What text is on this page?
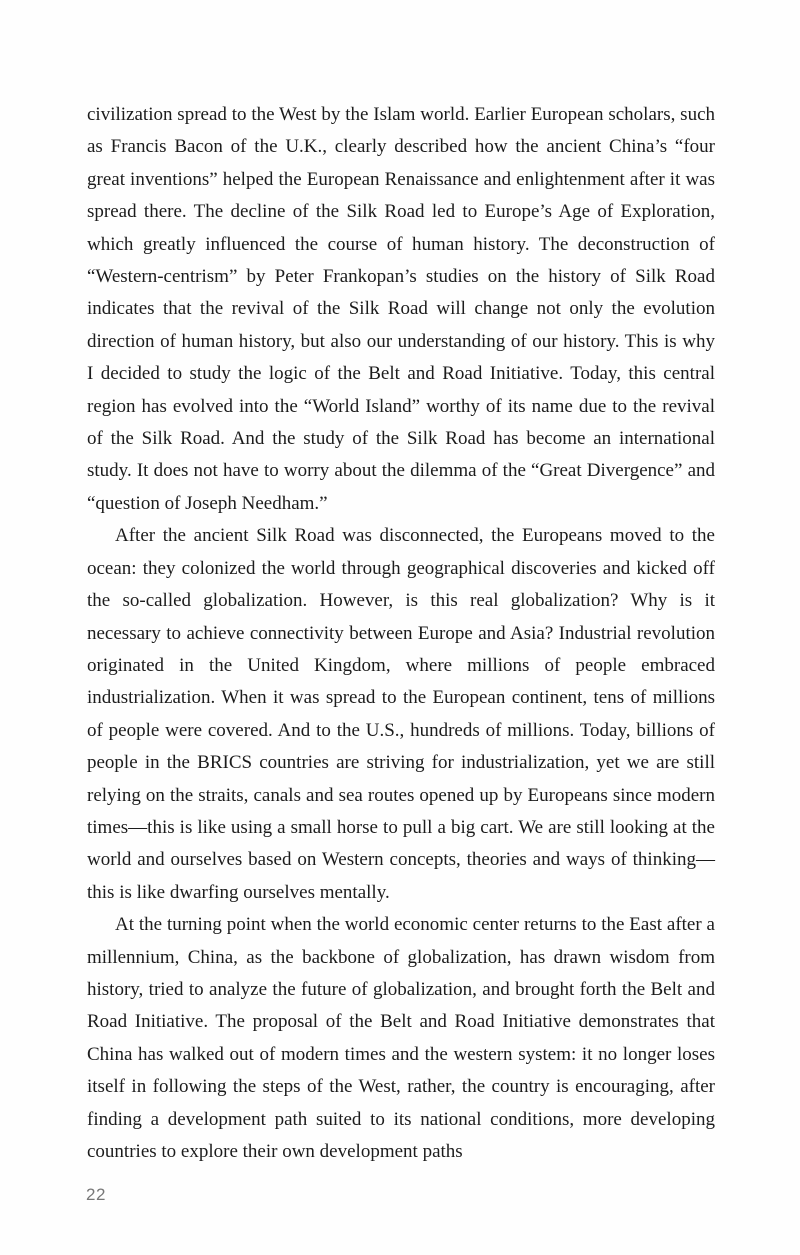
civilization spread to the West by the Islam world. Earlier European scholars, such as Francis Bacon of the U.K., clearly described how the ancient China’s “four great inventions” helped the European Renaissance and enlightenment after it was spread there. The decline of the Silk Road led to Europe’s Age of Exploration, which greatly influenced the course of human history. The deconstruction of “Western-centrism” by Peter Frankopan’s studies on the history of Silk Road indicates that the revival of the Silk Road will change not only the evolution direction of human history, but also our understanding of our history. This is why I decided to study the logic of the Belt and Road Initiative. Today, this central region has evolved into the “World Island” worthy of its name due to the revival of the Silk Road. And the study of the Silk Road has become an international study. It does not have to worry about the dilemma of the “Great Divergence” and “question of Joseph Needham.”

After the ancient Silk Road was disconnected, the Europeans moved to the ocean: they colonized the world through geographical discoveries and kicked off the so-called globalization. However, is this real globalization? Why is it necessary to achieve connectivity between Europe and Asia? Industrial revolution originated in the United Kingdom, where millions of people embraced industrialization. When it was spread to the European continent, tens of millions of people were covered. And to the U.S., hundreds of millions. Today, billions of people in the BRICS countries are striving for industrialization, yet we are still relying on the straits, canals and sea routes opened up by Europeans since modern times—this is like using a small horse to pull a big cart. We are still looking at the world and ourselves based on Western concepts, theories and ways of thinking—this is like dwarfing ourselves mentally.

At the turning point when the world economic center returns to the East after a millennium, China, as the backbone of globalization, has drawn wisdom from history, tried to analyze the future of globalization, and brought forth the Belt and Road Initiative. The proposal of the Belt and Road Initiative demonstrates that China has walked out of modern times and the western system: it no longer loses itself in following the steps of the West, rather, the country is encouraging, after finding a development path suited to its national conditions, more developing countries to explore their own development paths

22
